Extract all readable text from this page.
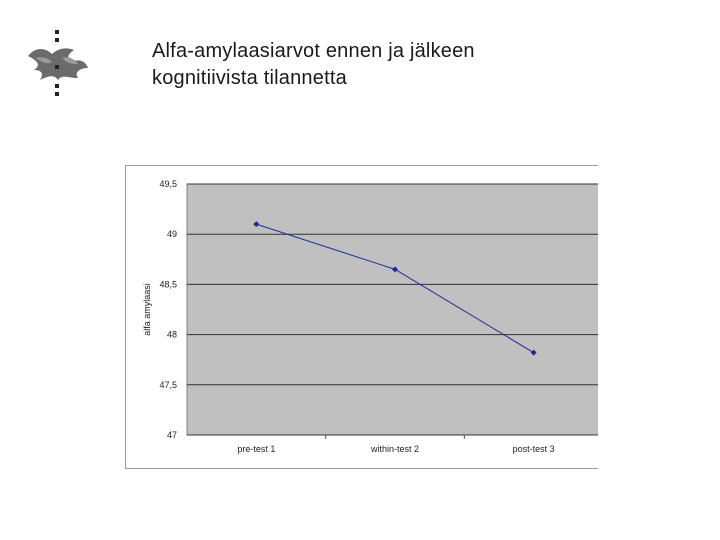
Alfa-amylaasiarvot ennen ja jälkeen
kognitiivista tilannetta
49,5
49
48,5
48
47,5
47
pre-test 1	within-test 2	post-test 3
alfa amylaasi
